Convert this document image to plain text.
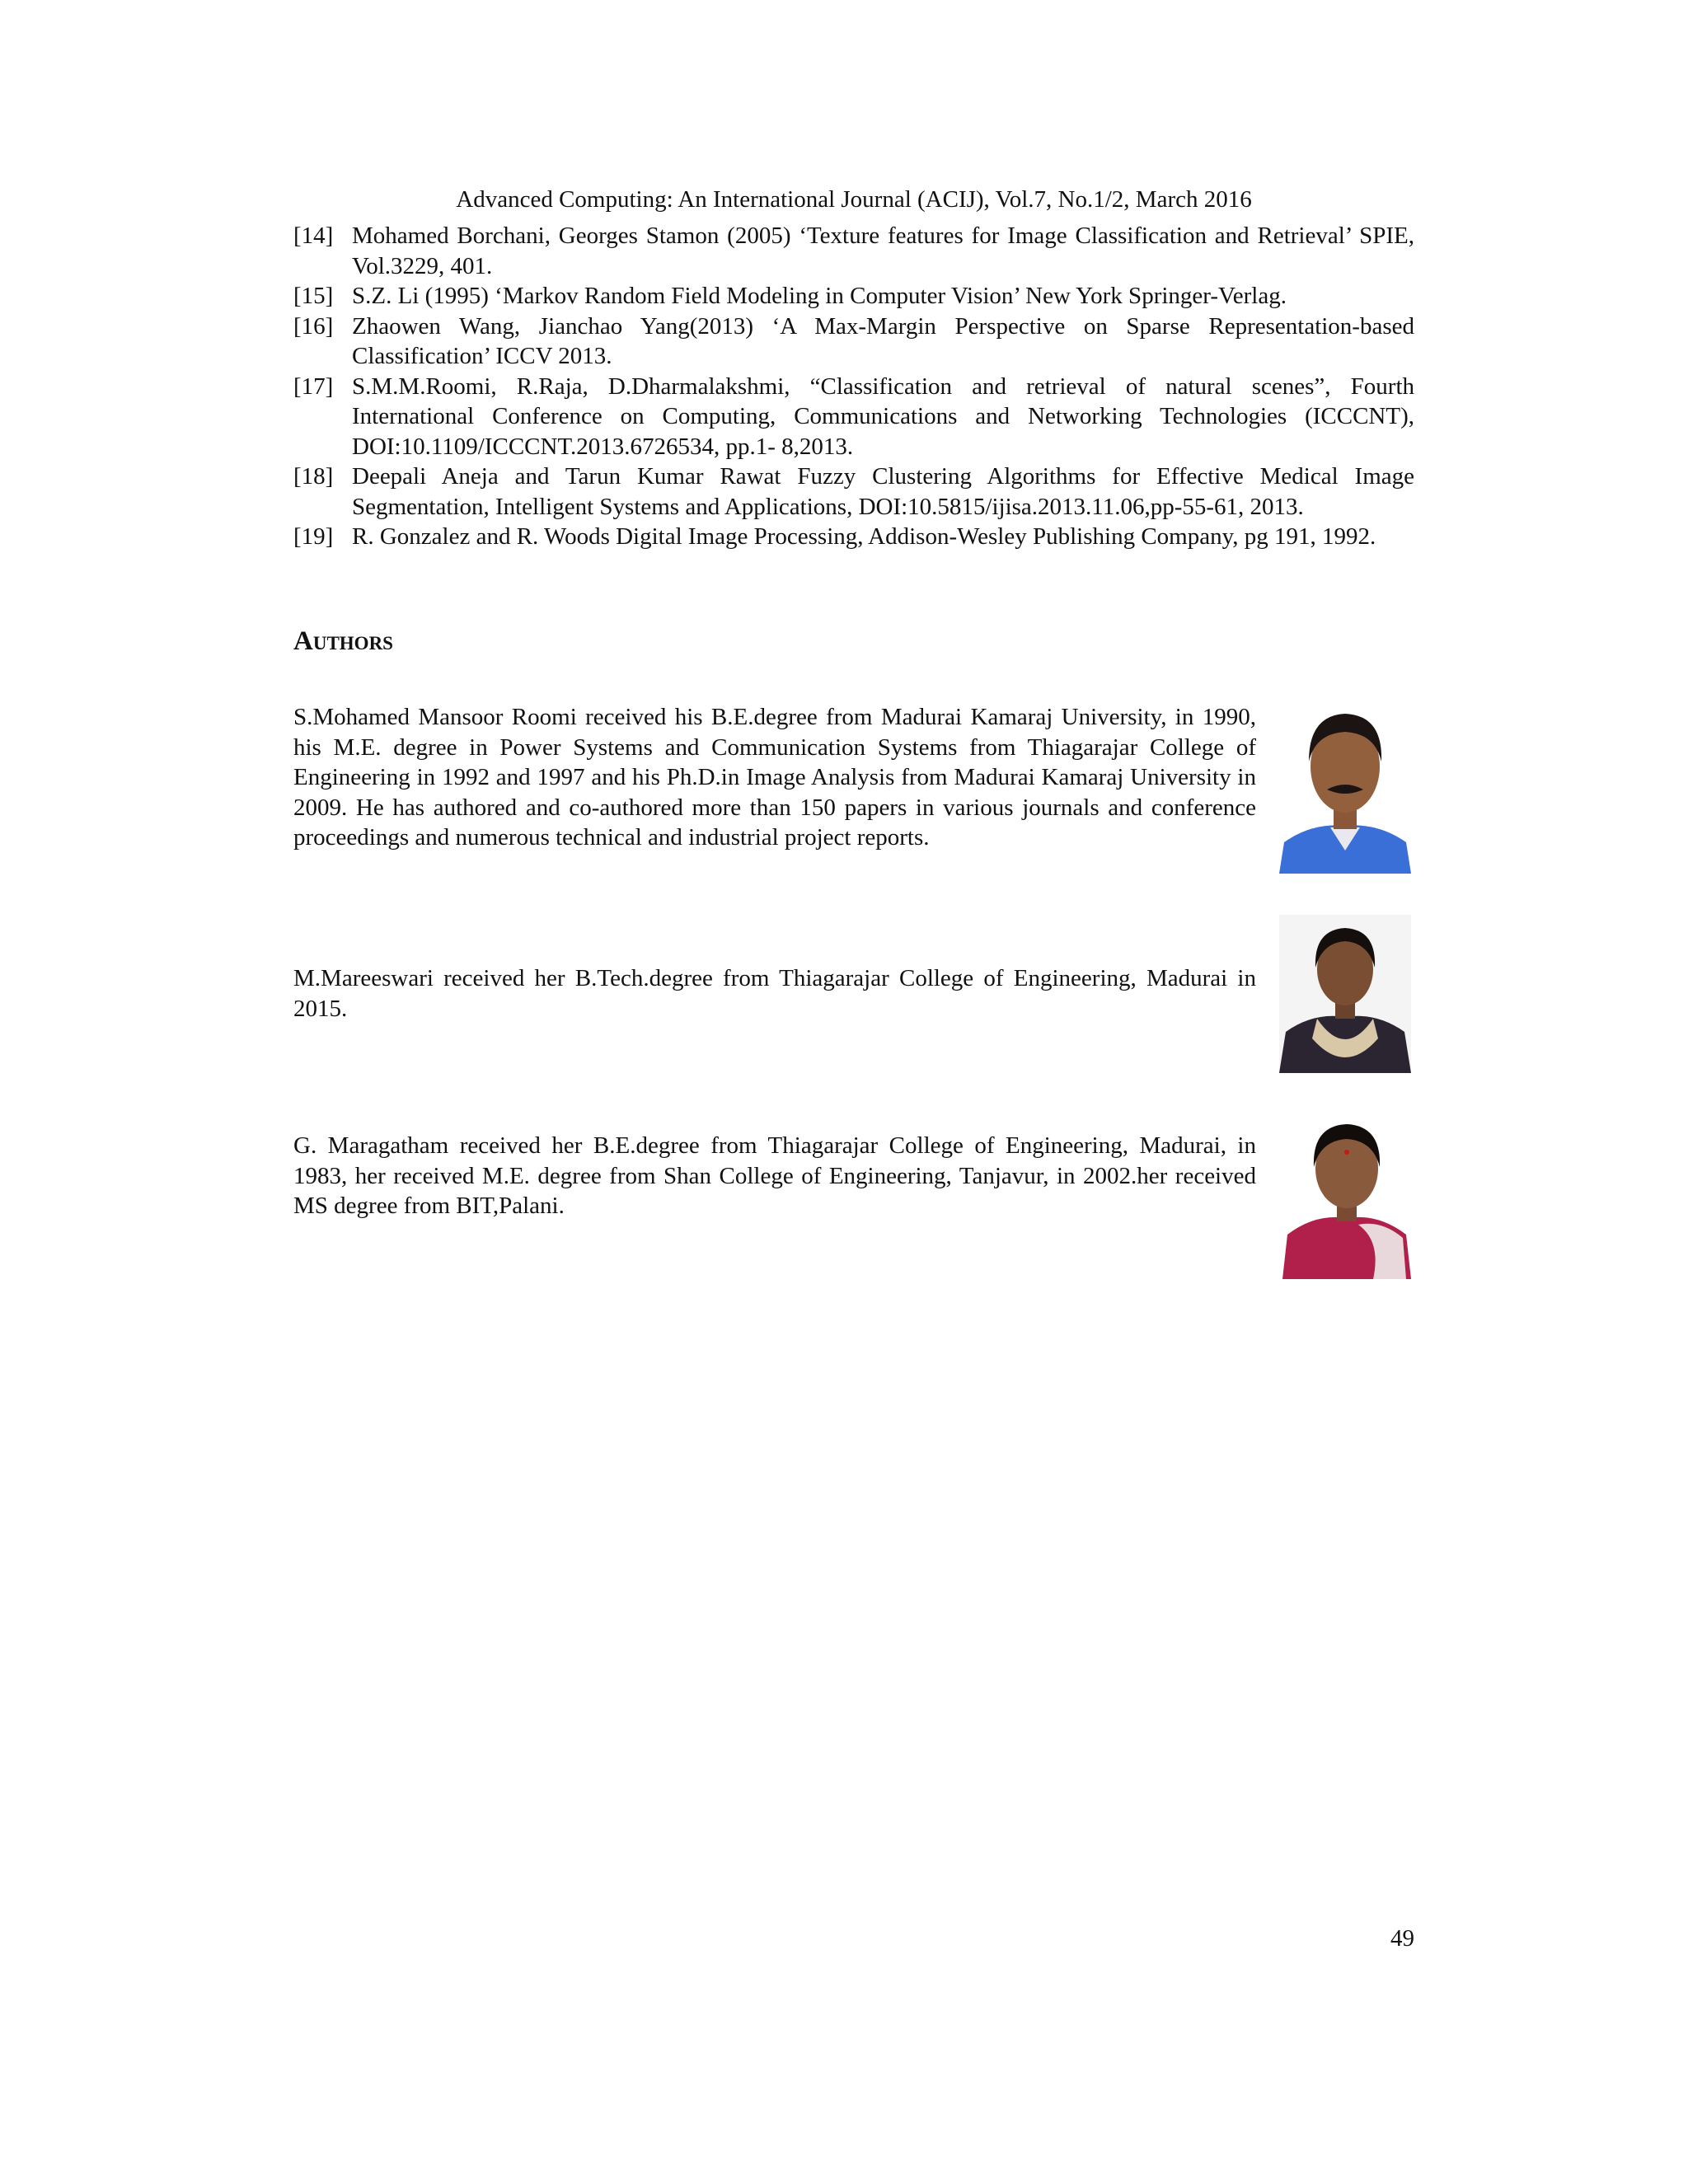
Advanced Computing: An International Journal (ACIJ), Vol.7, No.1/2, March 2016
[14] Mohamed Borchani, Georges Stamon (2005) ‘Texture features for Image Classification and Retrieval’ SPIE, Vol.3229, 401.
[15] S.Z. Li (1995) ‘Markov Random Field Modeling in Computer Vision’ New York Springer-Verlag.
[16] Zhaowen Wang, Jianchao Yang(2013) ‘A Max-Margin Perspective on Sparse Representation-based Classification’ ICCV 2013.
[17] S.M.M.Roomi, R.Raja, D.Dharmalakshmi, “Classification and retrieval of natural scenes”, Fourth International Conference on Computing, Communications and Networking Technologies (ICCCNT), DOI:10.1109/ICCCNT.2013.6726534, pp.1- 8,2013.
[18] Deepali Aneja and Tarun Kumar Rawat Fuzzy Clustering Algorithms for Effective Medical Image Segmentation, Intelligent Systems and Applications, DOI:10.5815/ijisa.2013.11.06,pp-55-61, 2013.
[19] R. Gonzalez and R. Woods Digital Image Processing, Addison-Wesley Publishing Company, pg 191, 1992.
Authors
S.Mohamed Mansoor Roomi received his B.E.degree from Madurai Kamaraj University, in 1990, his M.E. degree in Power Systems and Communication Systems from Thiagarajar College of Engineering in 1992 and 1997 and his Ph.D.in Image Analysis from Madurai Kamaraj University in 2009. He has authored and co-authored more than 150 papers in various journals and conference proceedings and numerous technical and industrial project reports.
M.Mareeswari received her B.Tech.degree from Thiagarajar College of Engineering, Madurai in 2015.
G. Maragatham received her B.E.degree from Thiagarajar College of Engineering, Madurai, in 1983, her received M.E. degree from Shan College of Engineering, Tanjavur, in 2002.her received MS degree from BIT,Palani.
49
